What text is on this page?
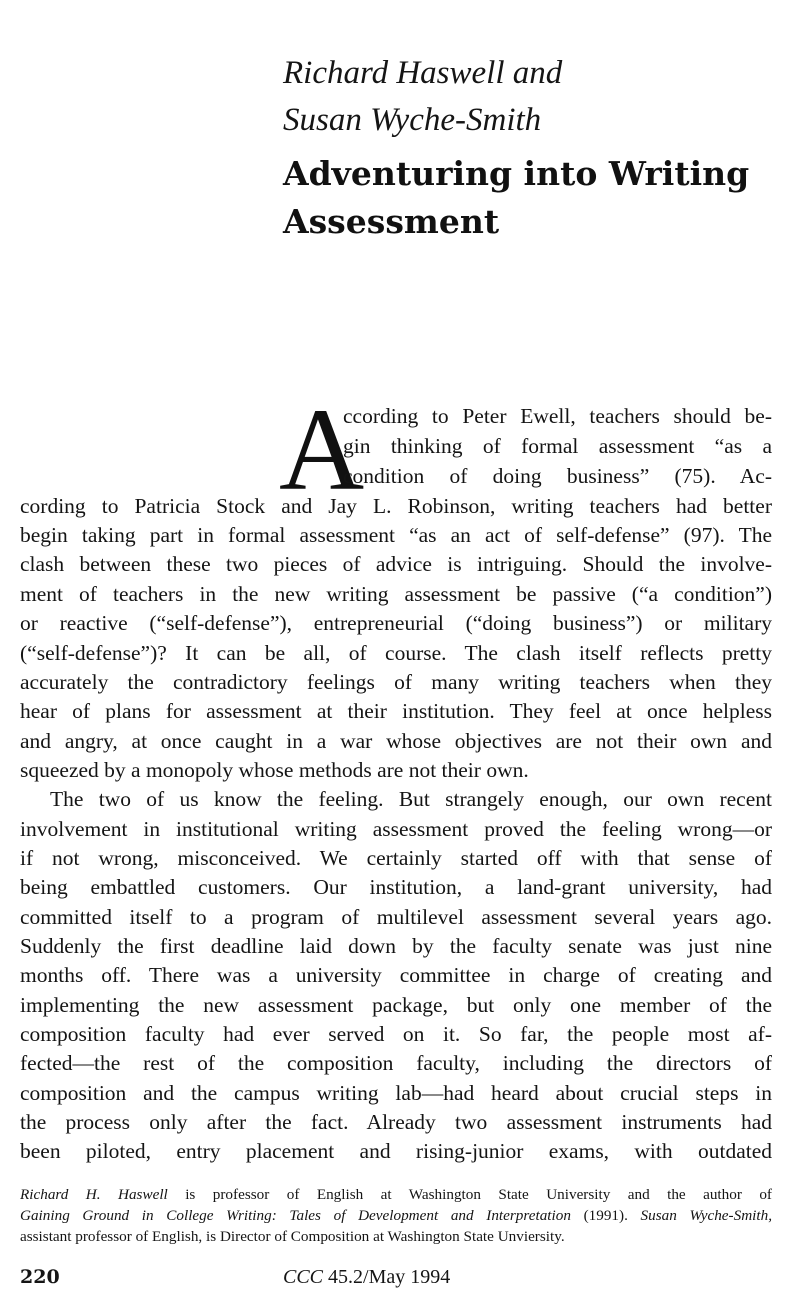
Richard Haswell and
Susan Wyche-Smith
Adventuring into Writing
Assessment
A
ccording to Peter Ewell, teachers should be-
gin thinking of formal assessment “as a
condition of doing business” (75). Ac-
cording to Patricia Stock and Jay L. Robinson, writing teachers had better
begin taking part in formal assessment “as an act of self-defense” (97). The
clash between these two pieces of advice is intriguing. Should the involve-
ment of teachers in the new writing assessment be passive (“a condition”)
or reactive (“self-defense”), entrepreneurial (“doing business”) or military
(“self-defense”)? It can be all, of course. The clash itself reflects pretty
accurately the contradictory feelings of many writing teachers when they
hear of plans for assessment at their institution. They feel at once helpless
and angry, at once caught in a war whose objectives are not their own and
squeezed by a monopoly whose methods are not their own.
The two of us know the feeling. But strangely enough, our own recent
involvement in institutional writing assessment proved the feeling wrong—or
if not wrong, misconceived. We certainly started off with that sense of
being embattled customers. Our institution, a land-grant university, had
committed itself to a program of multilevel assessment several years ago.
Suddenly the first deadline laid down by the faculty senate was just nine
months off. There was a university committee in charge of creating and
implementing the new assessment package, but only one member of the
composition faculty had ever served on it. So far, the people most af-
fected—the rest of the composition faculty, including the directors of
composition and the campus writing lab—had heard about crucial steps in
the process only after the fact. Already two assessment instruments had
been piloted, entry placement and rising-junior exams, with outdated
Richard H. Haswell is professor of English at Washington State University and the author of
Gaining Ground in College Writing: Tales of Development and Interpretation (1991). Susan Wyche-Smith,
assistant professor of English, is Director of Composition at Washington State Unviersity.
220	CCC 45.2/May 1994
